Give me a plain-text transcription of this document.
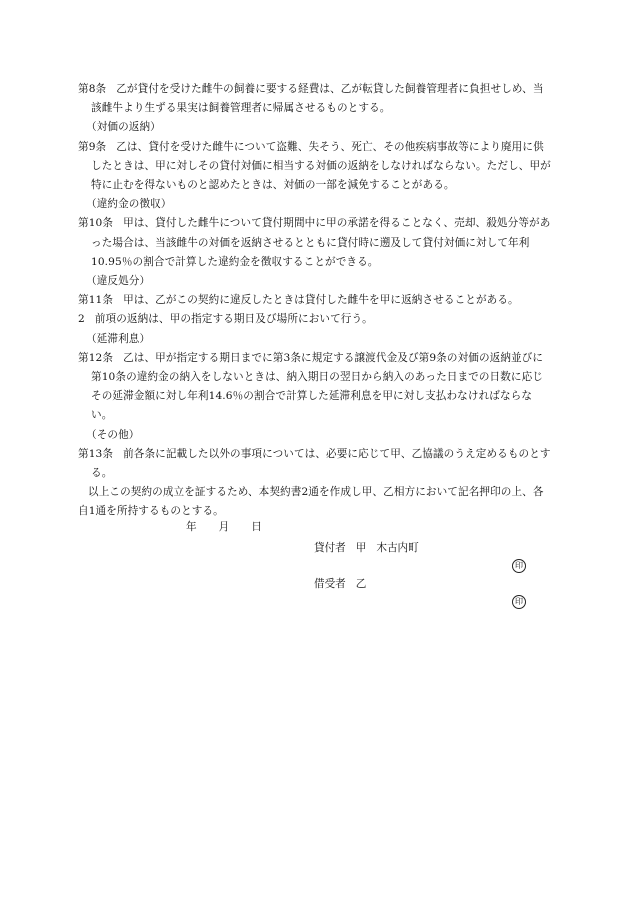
第8条 乙が貸付を受けた雌牛の飼養に要する経費は、乙が転貸した飼養管理者に負担せしめ、当該雌牛より生ずる果実は飼養管理者に帰属させるものとする。

（対価の返納）

第9条 乙は、貸付を受けた雌牛について盗難、失そう、死亡、その他疾病事故等により廃用に供したときは、甲に対しその貸付対価に相当する対価の返納をしなければならない。ただし、甲が特に止むを得ないものと認めたときは、対価の一部を減免することがある。

（違約金の徴収）

第10条 甲は、貸付した雌牛について貸付期間中に甲の承諾を得ることなく、売却、殺処分等があった場合は、当該雌牛の対価を返納させるとともに貸付時に遡及して貸付対価に対して年利10.95％の割合で計算した違約金を徴収することができる。

（違反処分）

第11条 甲は、乙がこの契約に違反したときは貸付した雌牛を甲に返納させることがある。

2 前項の返納は、甲の指定する期日及び場所において行う。

（延滞利息）

第12条 乙は、甲が指定する期日までに第3条に規定する譲渡代金及び第9条の対価の返納並びに第10条の違約金の納入をしないときは、納入期日の翌日から納入のあった日までの日数に応じその延滞金額に対し年利14.6％の割合で計算した延滞利息を甲に対し支払わなければならない。

（その他）

第13条 前各条に記載した以外の事項については、必要に応じて甲、乙協議のうえ定めるものとする。

以上この契約の成立を証するため、本契約書2通を作成し甲、乙相方において記名押印の上、各自1通を所持するものとする。

年 月 日
貸付者 甲 木古内町
印
借受者 乙
印
